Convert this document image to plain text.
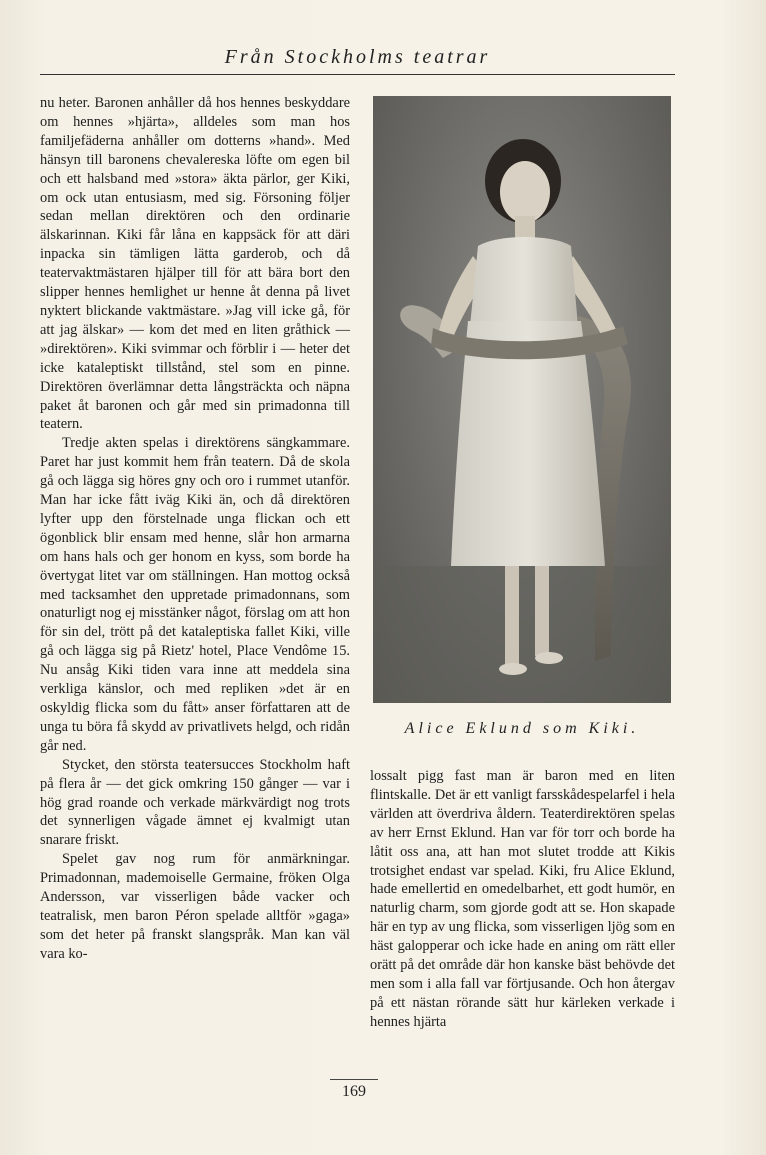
Från Stockholms teatrar

nu heter. Baronen anhåller då hos hennes beskyddare om hennes »hjärta», alldeles som man hos familjefäderna anhåller om dotterns »hand». Med hänsyn till baronens chevalereska löfte om egen bil och ett halsband med »stora» äkta pärlor, ger Kiki, om ock utan entusiasm, med sig. Försoning följer sedan mellan direktören och den ordinarie älskarinnan. Kiki får låna en kappsäck för att däri inpacka sin tämligen lätta garderob, och då teatervaktmästaren hjälper till för att bära bort den slipper hennes hemlighet ur henne åt denna på livet nyktert blickande vaktmästare. »Jag vill icke gå, för att jag älskar» — kom det med en liten gråthick — »direktören». Kiki svimmar och förblir i — heter det icke kataleptiskt tillstånd, stel som en pinne. Direktören överlämnar detta långsträckta och näpna paket åt baronen och går med sin primadonna till teatern.

Tredje akten spelas i direktörens sängkammare. Paret har just kommit hem från teatern. Då de skola gå och lägga sig höres gny och oro i rummet utanför. Man har icke fått iväg Kiki än, och då direktören lyfter upp den förstelnade unga flickan och ett ögonblick blir ensam med henne, slår hon armarna om hans hals och ger honom en kyss, som borde ha övertygat litet var om ställningen. Han mottog också med tacksamhet den uppretade primadonnans, som onaturligt nog ej misstänker något, förslag om att hon för sin del, trött på det kataleptiska fallet Kiki, ville gå och lägga sig på Rietz' hotel, Place Vendôme 15. Nu ansåg Kiki tiden vara inne att meddela sina verkliga känslor, och med repliken »det är en oskyldig flicka som du fått» anser författaren att de unga tu böra få skydd av privatlivets helgd, och ridån går ned.

Stycket, den största teatersucces Stockholm haft på flera år — det gick omkring 150 gånger — var i hög grad roande och verkade märkvärdigt nog trots det synnerligen vågade ämnet ej kvalmigt utan snarare friskt.

Spelet gav nog rum för anmärkningar. Primadonnan, mademoiselle Germaine, fröken Olga Andersson, var visserligen både vacker och teatralisk, men baron Péron spelade alltför »gaga» som det heter på franskt slangspråk. Man kan väl vara ko-

Alice Eklund som Kiki.

lossalt pigg fast man är baron med en liten flintskalle. Det är ett vanligt farsskådespelarfel i hela världen att överdriva åldern. Teaterdirektören spelas av herr Ernst Eklund. Han var för torr och borde ha låtit oss ana, att han mot slutet trodde att Kikis trotsighet endast var spelad. Kiki, fru Alice Eklund, hade emellertid en omedelbarhet, ett godt humör, en naturlig charm, som gjorde godt att se. Hon skapade här en typ av ung flicka, som visserligen ljög som en häst galopperar och icke hade en aning om rätt eller orätt på det område där hon kanske bäst behövde det men som i alla fall var förtjusande. Och hon återgav på ett nästan rörande sätt hur kärleken verkade i hennes hjärta

169
